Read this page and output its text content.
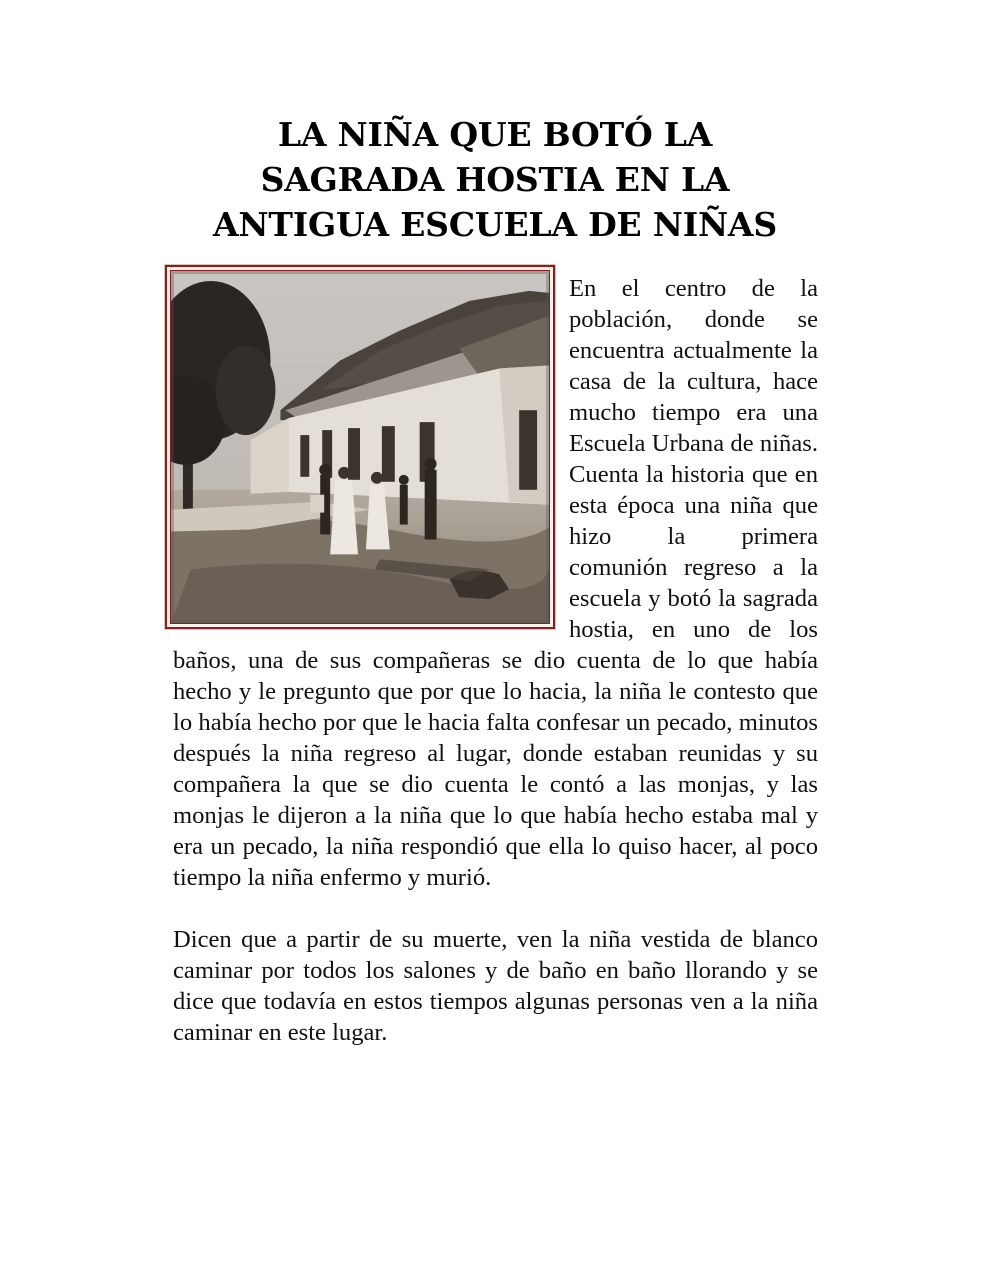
LA NIÑA QUE BOTÓ LA
SAGRADA HOSTIA EN LA
ANTIGUA ESCUELA DE NIÑAS

En el centro de la población, donde se encuentra actualmente la casa de la cultura, hace mucho tiempo era una Escuela Urbana de niñas. Cuenta la historia que en esta época una niña que hizo la primera comunión regreso a la escuela y botó la sagrada hostia, en uno de los baños, una de sus compañeras se dio cuenta de lo que había hecho y le pregunto que por que lo hacia, la niña le contesto que lo había hecho por que le hacia falta confesar un pecado, minutos después la niña regreso al lugar, donde estaban reunidas y su compañera la que se dio cuenta le contó a las monjas, y las monjas le dijeron a la niña que lo que había hecho estaba mal y era un pecado, la niña respondió que ella lo quiso hacer, al poco tiempo la niña enfermo y murió.

Dicen que a partir de su muerte, ven la niña vestida de blanco caminar por todos los salones y de baño en baño llorando y se dice que todavía en estos tiempos algunas personas ven a la niña caminar en este lugar.
